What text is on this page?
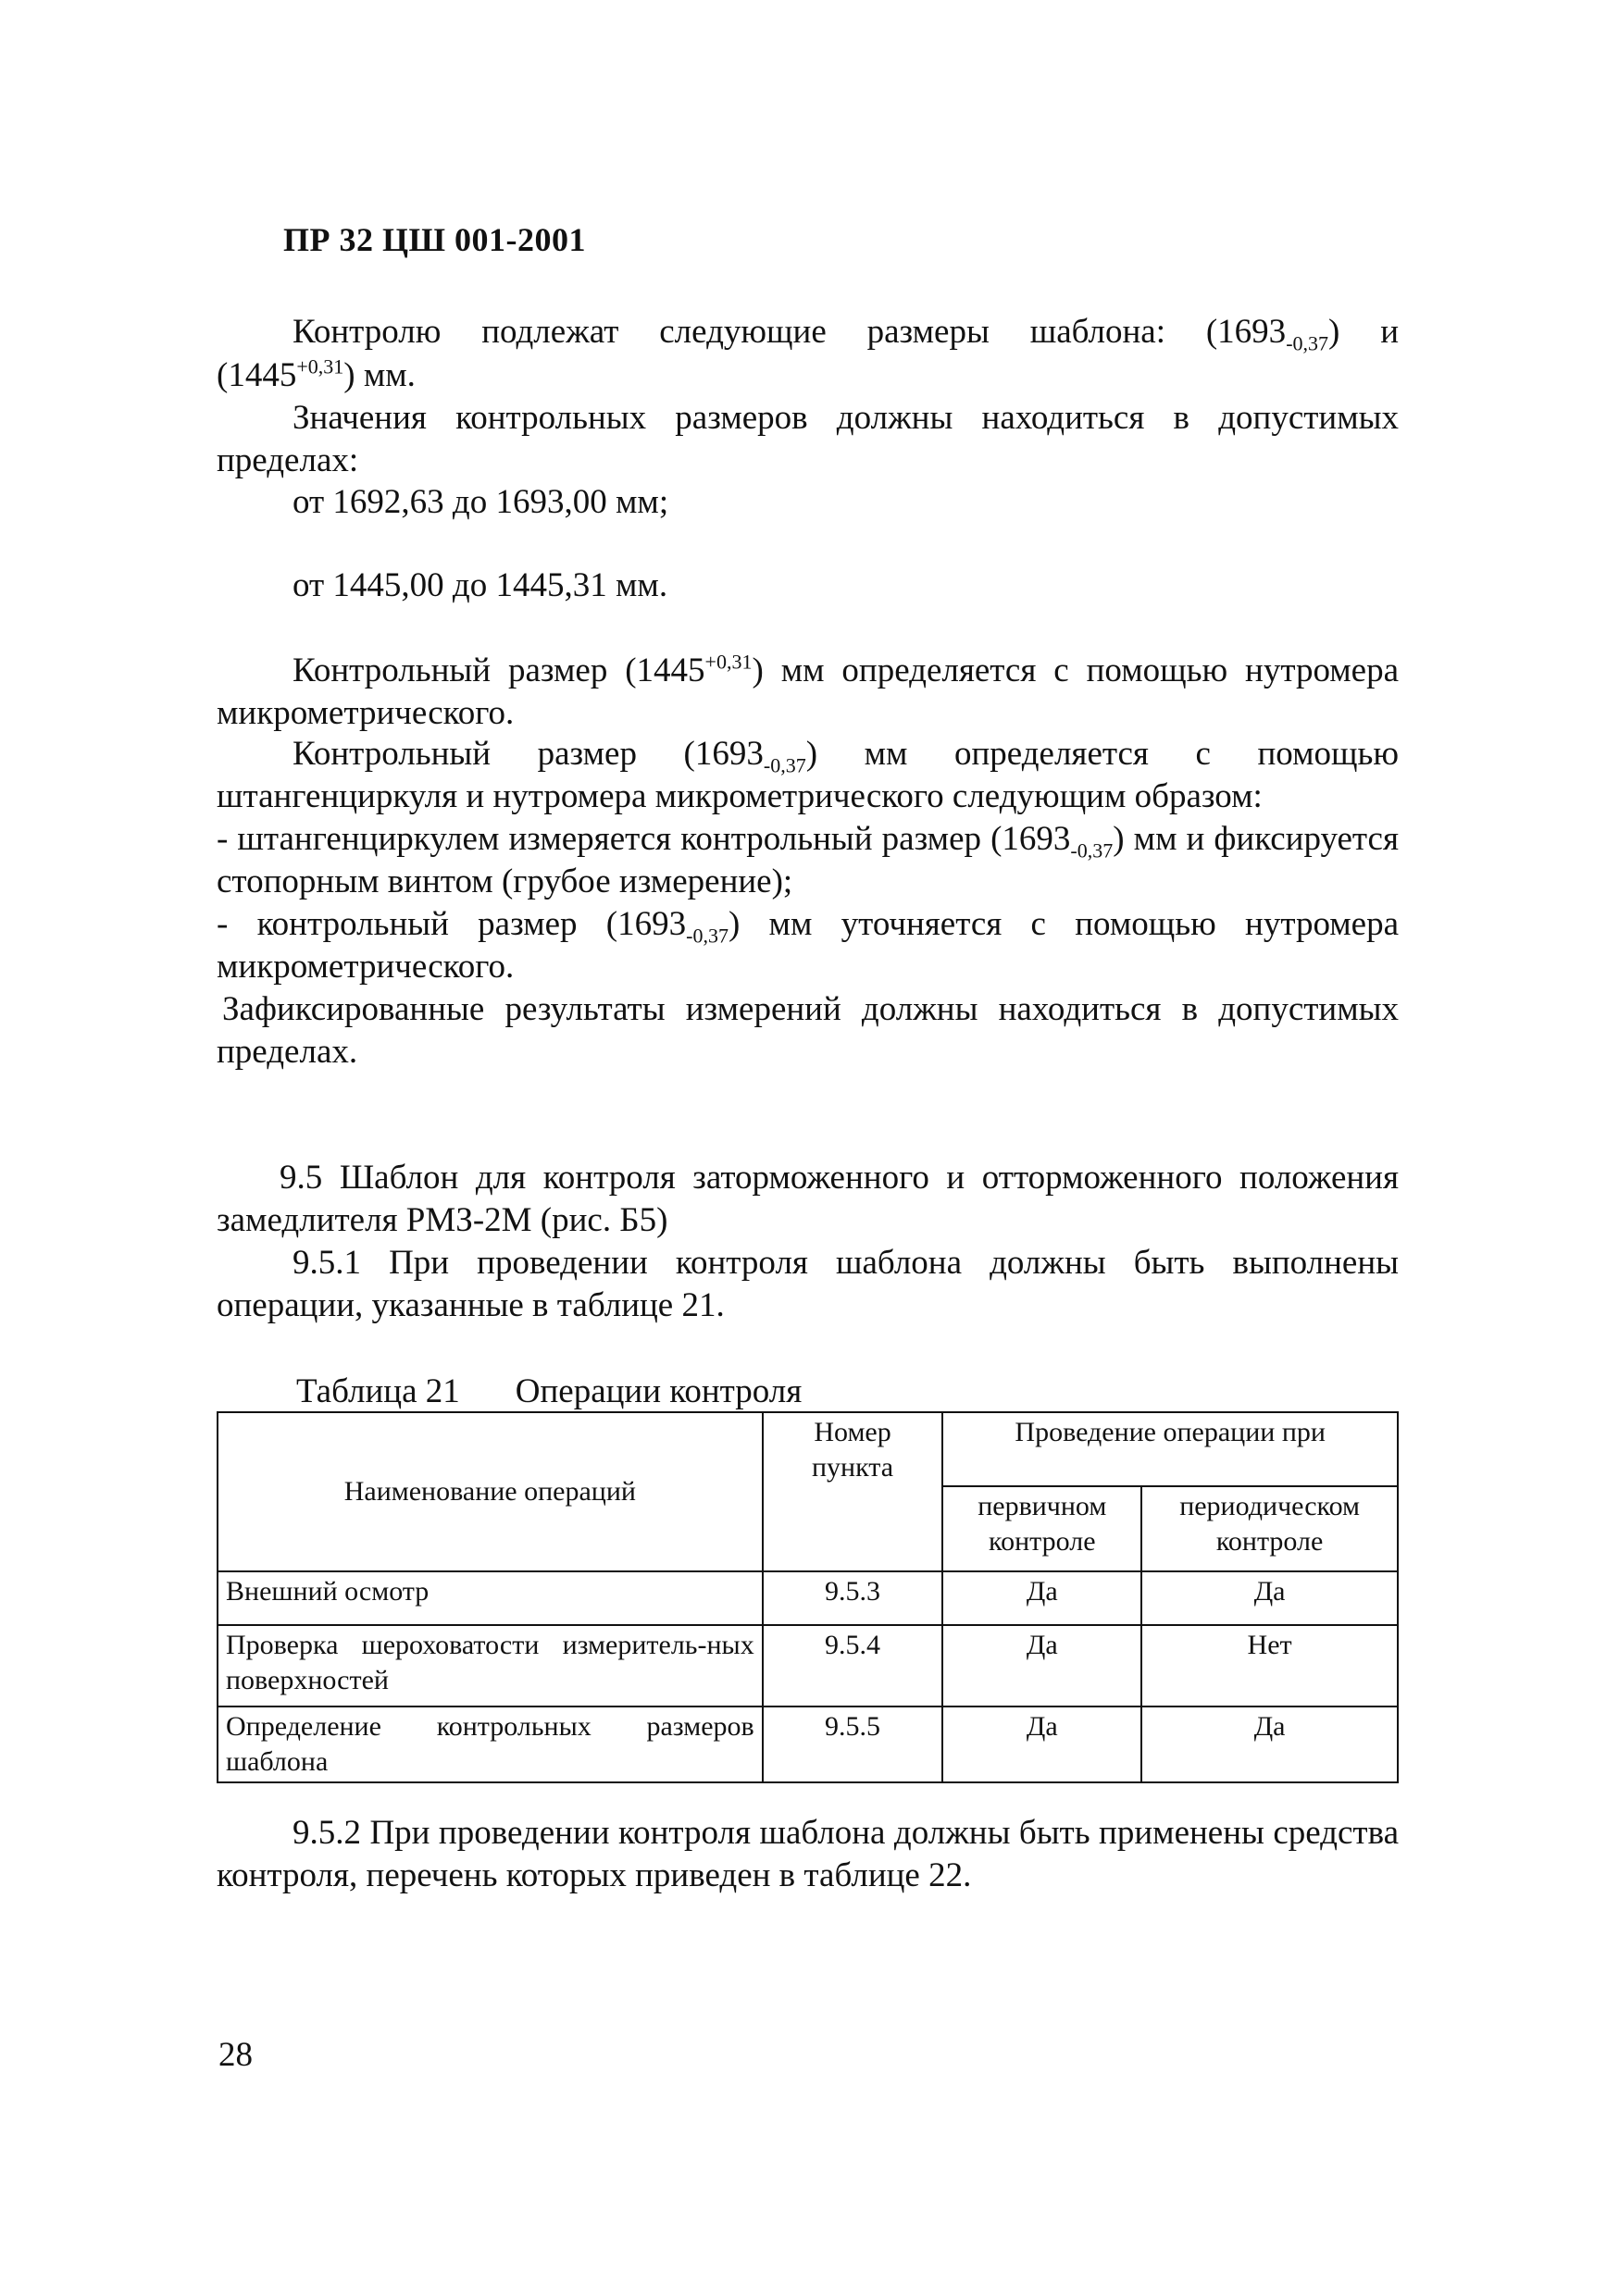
ПР 32 ЦШ 001-2001
Контролю подлежат следующие размеры шаблона: $(1693_{-0,37})$ и
$(1445^{+0,31})$ мм.
Значения контрольных размеров должны находиться в допустимых пределах:
от 1692,63 до 1693,00 мм;
от 1445,00 до 1445,31 мм.
Контрольный размер $(1445^{+0,31})$ мм определяется с помощью нутромера микрометрического.
Контрольный размер $(1693_{-0,37})$ мм определяется с помощью штангенциркуля и нутромера микрометрического следующим образом:
- штангенциркулем измеряется контрольный размер $(1693_{-0,37})$ мм и фиксируется стопорным винтом (грубое измерение);
- контрольный размер $(1693_{-0,37})$ мм уточняется с помощью нутромера микрометрического.
Зафиксированные результаты измерений должны находиться в допустимых пределах.
9.5 Шаблон для контроля заторможенного и отторможенного положения замедлителя РМЗ-2М (рис. Б5)
9.5.1 При проведении контроля шаблона должны быть выполнены операции, указанные в таблице 21.
Таблица 21 Операции контроля
Наименование операций	Номер пункта	Проведение операции при	
		первичном контроле	периодическом контроле
Внешний осмотр	9.5.3	Да	Да
Проверка шероховатости измеритель-ных поверхностей	9.5.4	Да	Нет
Определение контрольных размеров шаблона	9.5.5	Да	Да
9.5.2 При проведении контроля шаблона должны быть применены средства контроля, перечень которых приведен в таблице 22.
28
